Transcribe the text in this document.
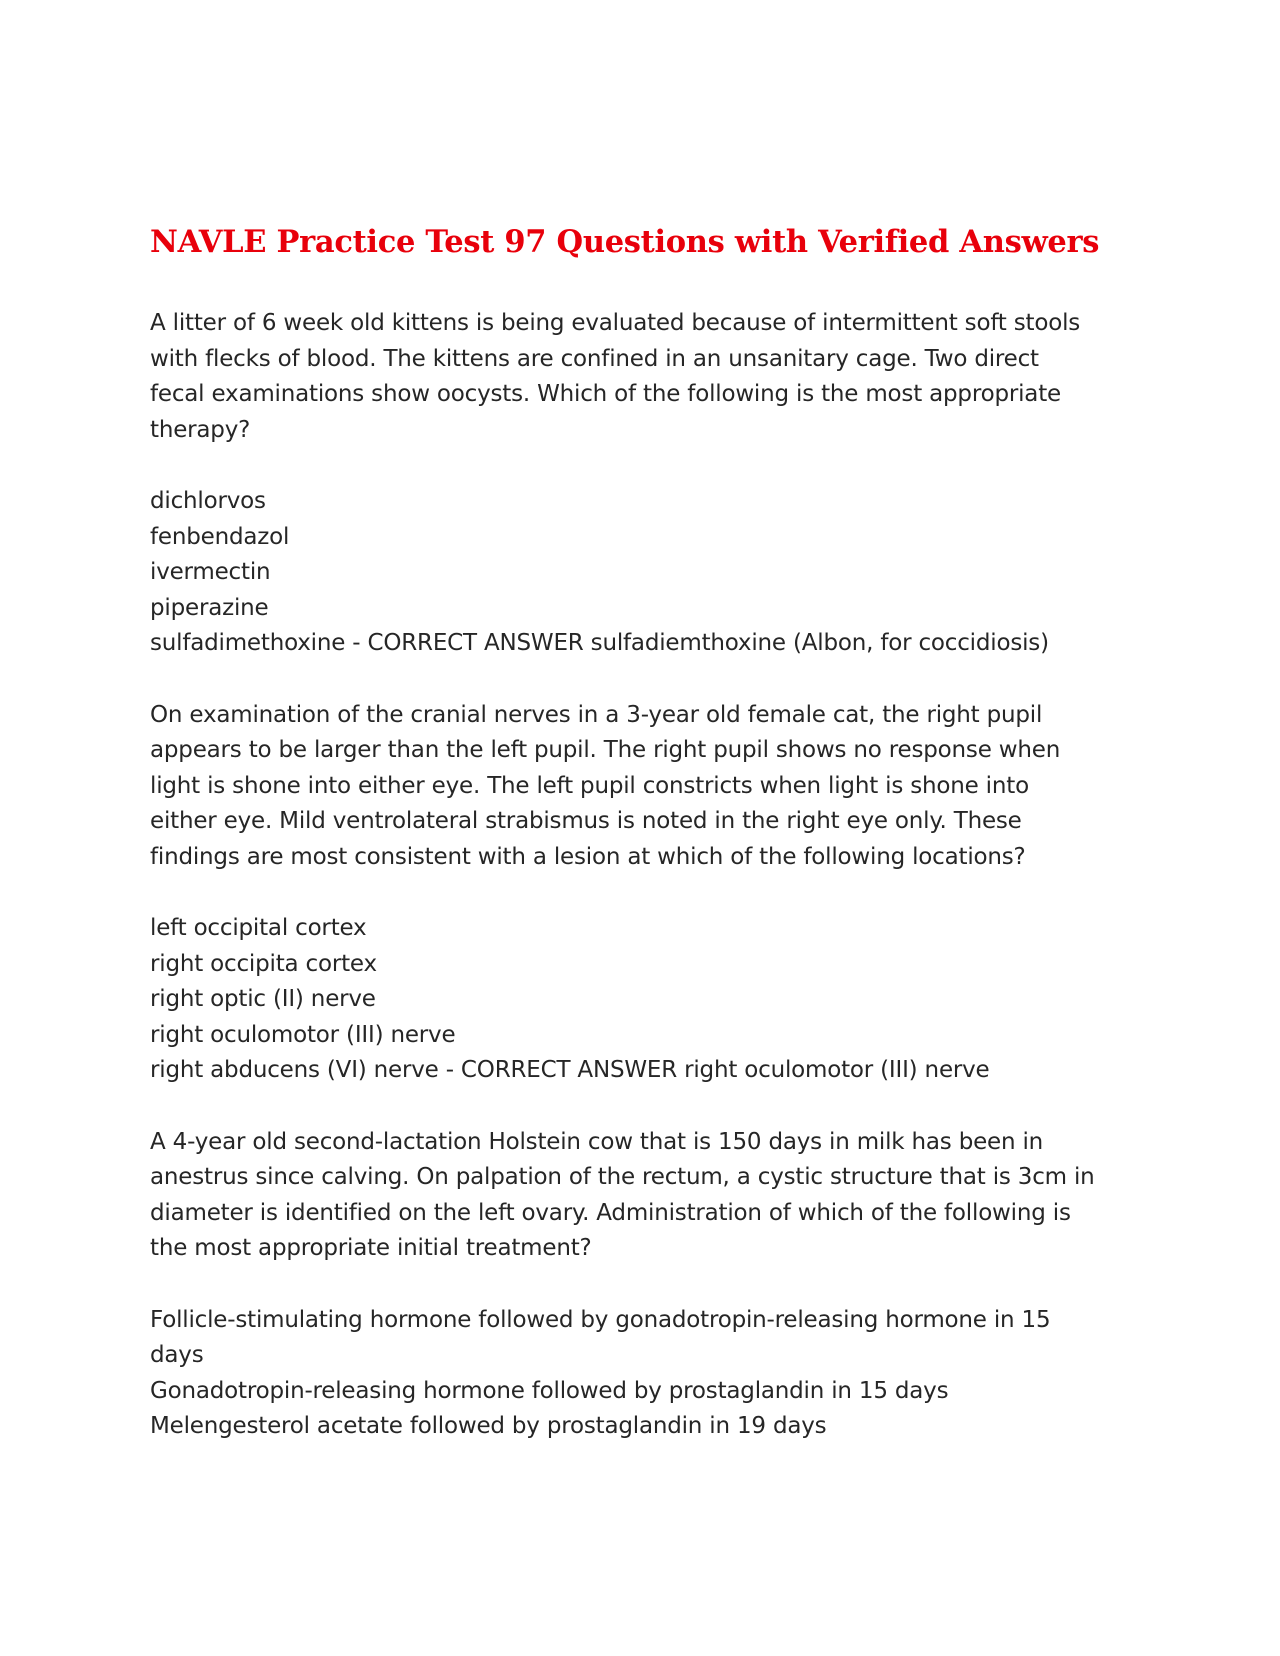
NAVLE Practice Test 97 Questions with Verified Answers
A litter of 6 week old kittens is being evaluated because of intermittent soft stools
with flecks of blood. The kittens are confined in an unsanitary cage. Two direct
fecal examinations show oocysts. Which of the following is the most appropriate
therapy?
dichlorvos
fenbendazol
ivermectin
piperazine
sulfadimethoxine - CORRECT ANSWER sulfadiemthoxine (Albon, for coccidiosis)
On examination of the cranial nerves in a 3-year old female cat, the right pupil
appears to be larger than the left pupil. The right pupil shows no response when
light is shone into either eye. The left pupil constricts when light is shone into
either eye. Mild ventrolateral strabismus is noted in the right eye only. These
findings are most consistent with a lesion at which of the following locations?
left occipital cortex
right occipita cortex
right optic (II) nerve
right oculomotor (III) nerve
right abducens (VI) nerve - CORRECT ANSWER right oculomotor (III) nerve
A 4-year old second-lactation Holstein cow that is 150 days in milk has been in
anestrus since calving. On palpation of the rectum, a cystic structure that is 3cm in
diameter is identified on the left ovary. Administration of which of the following is
the most appropriate initial treatment?
Follicle-stimulating hormone followed by gonadotropin-releasing hormone in 15
days
Gonadotropin-releasing hormone followed by prostaglandin in 15 days
Melengesterol acetate followed by prostaglandin in 19 days
